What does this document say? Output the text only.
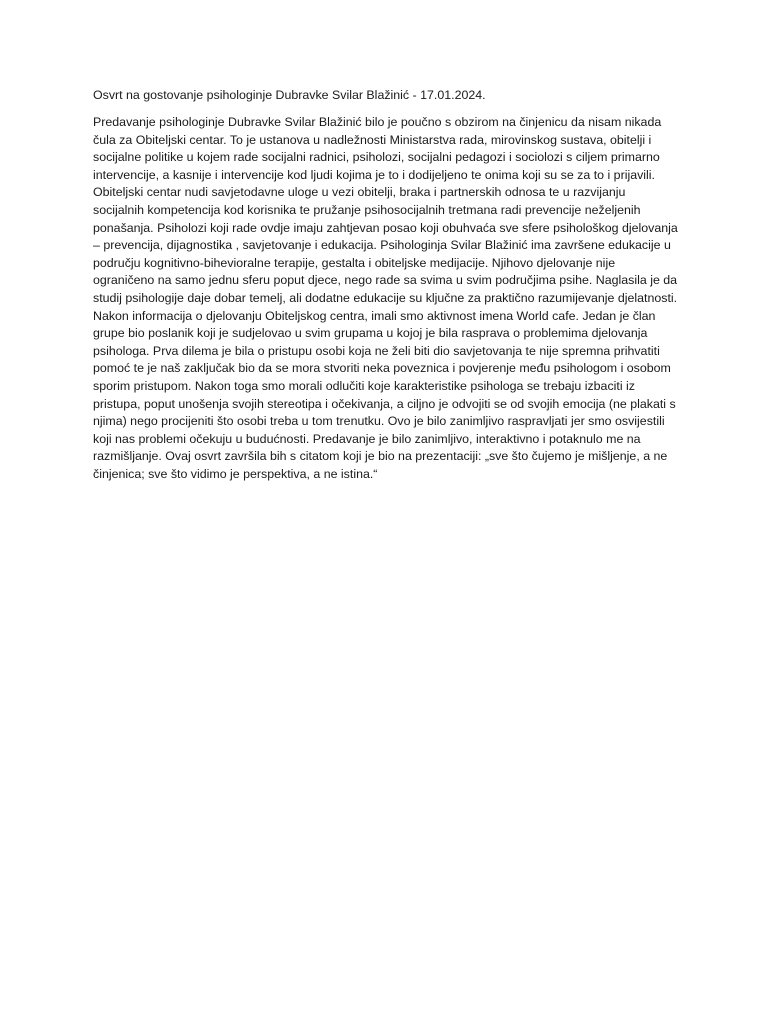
Osvrt na gostovanje psihologinje Dubravke Svilar Blažinić - 17.01.2024.

Predavanje psihologinje Dubravke Svilar Blažinić bilo je poučno s obzirom na činjenicu da nisam nikada čula za Obiteljski centar. To je ustanova u nadležnosti Ministarstva rada, mirovinskog sustava, obitelji i socijalne politike u kojem rade socijalni radnici, psiholozi, socijalni pedagozi i sociolozi s ciljem primarno intervencije, a kasnije i intervencije kod ljudi kojima je to i dodijeljeno te onima koji su se za to i prijavili. Obiteljski centar nudi savjetodavne uloge u vezi obitelji, braka i partnerskih odnosa te u razvijanju socijalnih kompetencija kod korisnika te pružanje psihosocijalnih tretmana radi prevencije neželjenih ponašanja. Psiholozi koji rade ovdje imaju zahtjevan posao koji obuhvaća sve sfere psihološkog djelovanja – prevencija, dijagnostika , savjetovanje i edukacija. Psihologinja Svilar Blažinić ima završene edukacije u području kognitivno-bihevioralne terapije, gestalta i obiteljske medijacije. Njihovo djelovanje nije ograničeno na samo jednu sferu poput djece, nego rade sa svima u svim područjima psihe. Naglasila je da studij psihologije daje dobar temelj, ali dodatne edukacije su ključne za praktično razumijevanje djelatnosti. Nakon informacija o djelovanju Obiteljskog centra, imali smo aktivnost imena World cafe. Jedan je član grupe bio poslanik koji je sudjelovao u svim grupama u kojoj je bila rasprava o problemima djelovanja psihologa. Prva dilema je bila o pristupu osobi koja ne želi biti dio savjetovanja te nije spremna prihvatiti pomoć te je naš zaključak bio da se mora stvoriti neka poveznica i povjerenje među psihologom i osobom sporim pristupom. Nakon toga smo morali odlučiti koje karakteristike psihologa se trebaju izbaciti iz pristupa, poput unošenja svojih stereotipa i očekivanja, a ciljno je odvojiti se od svojih emocija (ne plakati s njima) nego procijeniti što osobi treba u tom trenutku. Ovo je bilo zanimljivo raspravljati jer smo osvijestili koji nas problemi očekuju u budućnosti. Predavanje je bilo zanimljivo, interaktivno i potaknulo me na razmišljanje. Ovaj osvrt završila bih s citatom koji je bio na prezentaciji: „sve što čujemo je mišljenje, a ne činjenica; sve što vidimo je perspektiva, a ne istina.“
